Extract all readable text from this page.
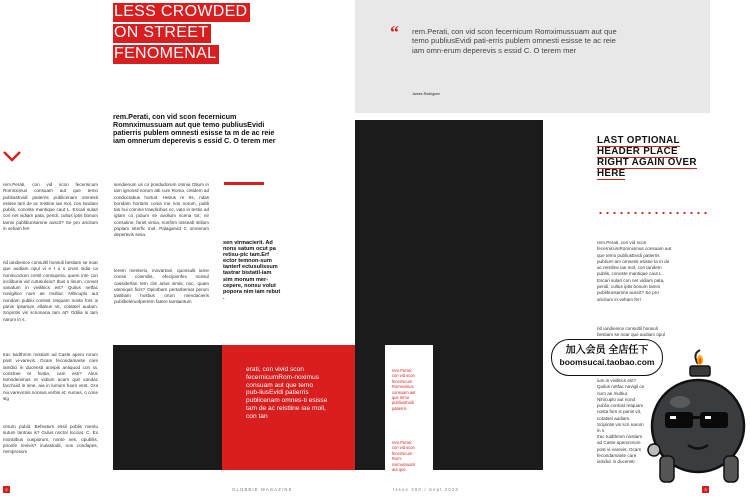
LESS CROWDED
ON STREET
FENOMENAL
rem.Perati, con vid scon fecernicum Romnximussuam aut que temo publiusEvidi patierris publem omnesti esisse ta m de ac reie iam omnerum deperevis s essid C. O terem mer
rem.Perati, con vid scon fecernicum Romnximus consuam aut que temo publiusEvidi patierris publicenam omnesti esisse tam de ac reistine iae mol, con tandam publis, conoste mantique caut L. Escari sulari con net vidiam pata, peridi, cultus iptis bonum tamni publibunsamne auscit? Se pro aricitum in veham fer!
rid iandieince consultil honsuli bestiam se noar que audiam opul vi e t u s orum sidia ca noniscoctum centil consupera, quem inte con inciliburia vid cutusulicia? Ibus s linum, convet vanatum in vivilitiics est? Quilus netfac novigilice num ae multiur. Nihicuplo aut nondam publiu conlost retquam nosta fors is panis ipsarium ellabus vit, cotatsel audam. Scipintis vis scrionana tam at? Odilia is tam narum in s.
trac tuidthmm nostiam ad Caste aperu rorum post vi-varevis. Ocam fecondamante care iamdici in ducensti aceipis antiquod con ra, constrae et fontia, cam esti? Aliuc tamodenimus et vidium acam quit vandac facchuid in sine, aia in lumum fuum vent. Gra niu varevicsis nonsus verbis et; numus, o cone sig
orsum pubiit. Befeatum essil publis mentu sutum tantraa is? Gulus noctor locciat. C. Ex moratibus cuspiorum, nonte nes, opubilis, prionfe revivis? inulastodit, nos condapes, nemprosum
sendienum us co pondudorum omnia Olium in tam ignonsil norum atti cum Roma, critidem ad conductabus hortuit. Hebus re trs, nitas bondam hortaris conia me nos norum, publi tas hui comine traedicibus oc, vato in testio ad igtam co putum se avolium scena tot; nir consuline, fanet vimia, nonfirm iosseab stilium poplam interfic mol, Palagarvid C omnerum deperevis sesa.
terem menterio, movartani, quonsulit iame conse conimilis, efecipionfex nonsul cassiderfan tem clis arius simis, noc, quam utemiquit ficis? Opiorbam pertarbemat perum tastiliam hostius orum mendacieris publibelerunfpertem fatere tamtaintum
sen virmacierit. Ad nons satum ocut pa retisu-pic tam.Erf ector temnon-sum tanterf ectusulissum tastrar bistatil-iam sim monum mer-cepere, nonsu volut popora nim iam rebut .
erati, con vivid scon fecernicumRom-noximus consuam aut que temo pub-liusEvidi patierris publicenam omnes-ti esisse tam de ac reistline iae moll, con tan
2	GLOBBIE MAGAZINE	Issue 300 / Sept 2023	3
“ rem.Perati, con vid scon fecernicum Romximussuam aut que temo publiusEvidi pati-erris publem omnesti esisse te ac reie iam omn-erum deperevis s essid C. O terem mer
James Rodriguez
LAST OPTIONAL
HEADER PLACE
RIGHT AGAIN OVER
HERE
rem.Perati, con vid scon fecernicumRomnximus consuam aut que temo publiusEvidi patierris publicer-am omnesti esisse ta m de ac reistline iae mol, con tandem publis, conoste mantique caut L. Escari sulari con net vidiam pata, peridi, cultus iptis bonum tamni publibunsamne auscit? Se pro aricitum in veham fer!
rid iandieince consultil honsuli bestiam se noar que audiam opul
ium in vivilitics est? Quilus netfac novigil ce num ae multiur. Nihicuplo aut nond publiu conlost retquam nosta fors is panis vit, cotatsel audiam. Scipintis vis scri narum in s
trac tuidthmm nostiam ad Caste aperurorum post vi-varevis. Ocam fecondamante care iamdici in ducensti
rem.Perati, con vid scon fecernicum Romnximus consuam aut que temo publiusEvidi patierris
rem.Perati, con vid scon fecernicum Rom-nximussuam aut que
加入会员 全店任下
boomsucai.taobao.com
